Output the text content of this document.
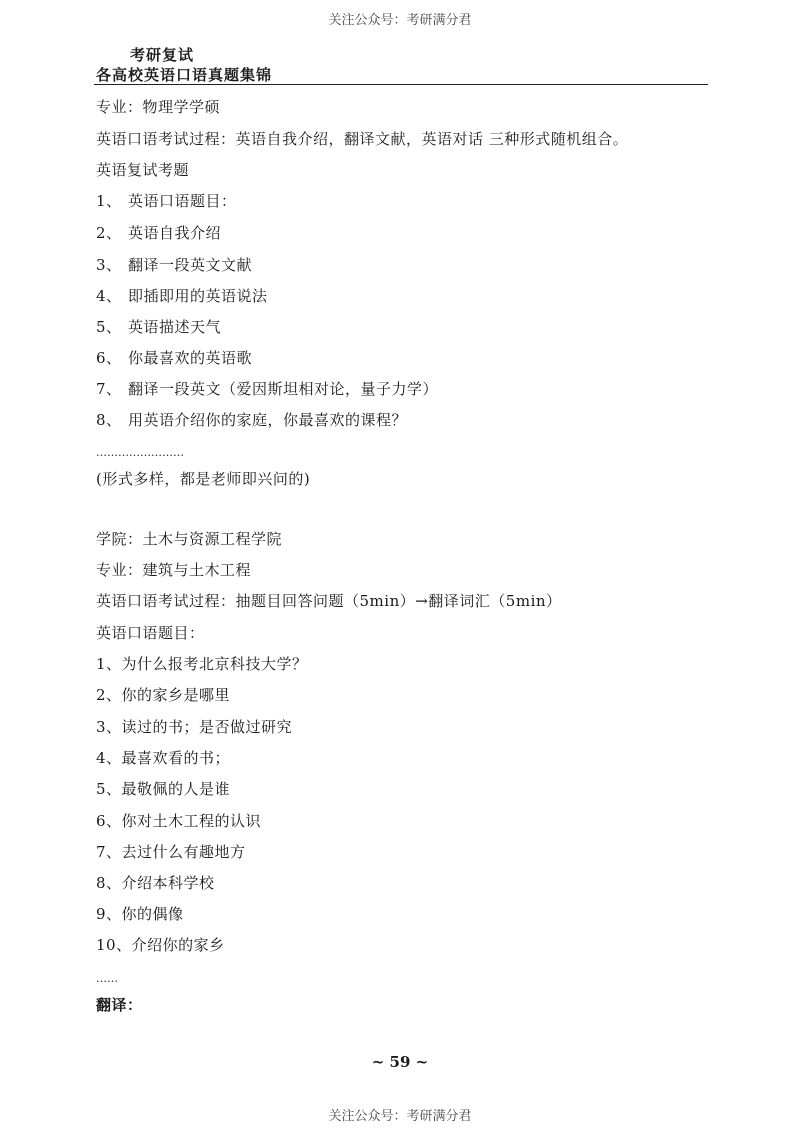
关注公众号：考研满分君
考研复试
各高校英语口语真题集锦
专业：物理学学硕
英语口语考试过程：英语自我介绍，翻译文献，英语对话 三种形式随机组合。
英语复试考题
1、 英语口语题目：
2、 英语自我介绍
3、 翻译一段英文文献
4、 即插即用的英语说法
5、 英语描述天气
6、 你最喜欢的英语歌
7、 翻译一段英文（爱因斯坦相对论，量子力学）
8、 用英语介绍你的家庭，你最喜欢的课程？
……………………
(形式多样，都是老师即兴问的)
学院：土木与资源工程学院
专业：建筑与土木工程
英语口语考试过程：抽题目回答问题（5min）→翻译词汇（5min）
英语口语题目：
1、为什么报考北京科技大学？
2、你的家乡是哪里
3、读过的书；是否做过研究
4、最喜欢看的书；
5、最敬佩的人是谁
6、你对土木工程的认识
7、去过什么有趣地方
8、介绍本科学校
9、你的偶像
10、介绍你的家乡
……
翻译：
~ 59 ~
关注公众号：考研满分君
